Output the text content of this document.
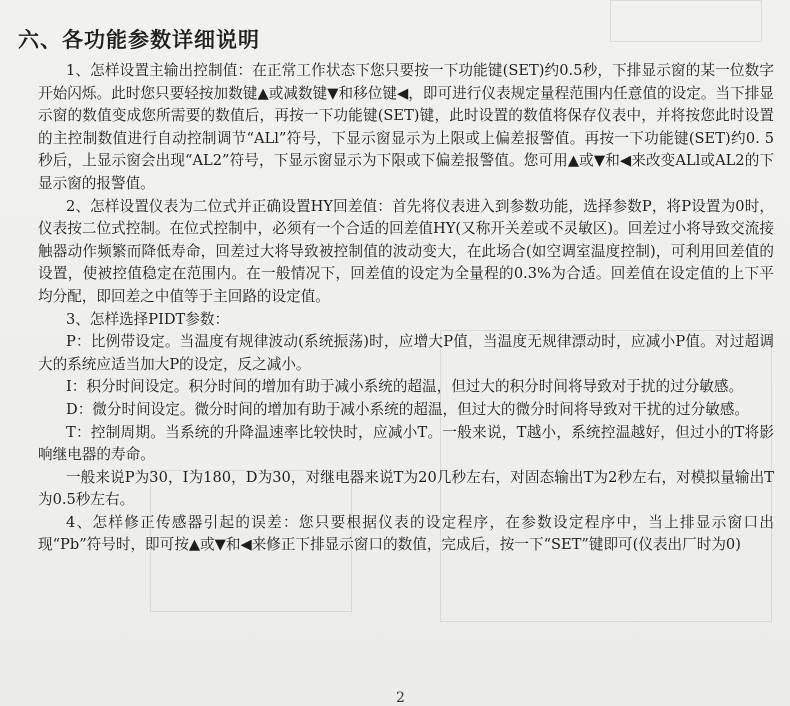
六、各功能参数详细说明

1、怎样设置主输出控制值：在正常工作状态下您只要按一下功能键(SET)约0.5秒，下排显示窗的某一位数字开始闪烁。此时您只要轻按加数键▲或减数键▼和移位键◀，即可进行仪表规定量程范围内任意值的设定。当下排显示窗的数值变成您所需要的数值后，再按一下功能键(SET)键，此时设置的数值将保存仪表中，并将按您此时设置的主控制数值进行自动控制调节“ALl”符号，下显示窗显示为上限或上偏差报警值。再按一下功能键(SET)约0. 5秒后，上显示窗会出现“AL2”符号，下显示窗显示为下限或下偏差报警值。您可用▲或▼和◀来改变ALl或AL2的下显示窗的报警值。

2、怎样设置仪表为二位式并正确设置HY回差值：首先将仪表进入到参数功能，选择参数P，将P设置为0时，仪表按二位式控制。在位式控制中，必须有一个合适的回差值HY(又称开关差或不灵敏区)。回差过小将导致交流接触器动作频繁而降低寿命，回差过大将导致被控制值的波动变大，在此场合(如空调室温度控制)，可利用回差值的设置，使被控值稳定在范围内。在一般情况下，回差值的设定为全量程的0.3%为合适。回差值在设定值的上下平均分配，即回差之中值等于主回路的设定值。

3、怎样选择PIDT参数：

P：比例带设定。当温度有规律波动(系统振荡)时，应增大P值，当温度无规律漂动时，应减小P值。对过超调大的系统应适当加大P的设定，反之减小。

I：积分时间设定。积分时间的增加有助于减小系统的超温，但过大的积分时间将导致对于扰的过分敏感。

D：微分时间设定。微分时间的增加有助于减小系统的超温，但过大的微分时间将导致对干扰的过分敏感。

T：控制周期。当系统的升降温速率比较快时，应减小T。一般来说，T越小，系统控温越好，但过小的T将影响继电器的寿命。

一般来说P为30，I为180，D为30，对继电器来说T为20几秒左右，对固态输出T为2秒左右，对模拟量输出T为0.5秒左右。

4、怎样修正传感器引起的误差：您只要根据仪表的设定程序，在参数设定程序中，当上排显示窗口出现“Pb”符号时，即可按▲或▼和◀来修正下排显示窗口的数值，完成后，按一下“SET”键即可(仪表出厂时为0)

2
